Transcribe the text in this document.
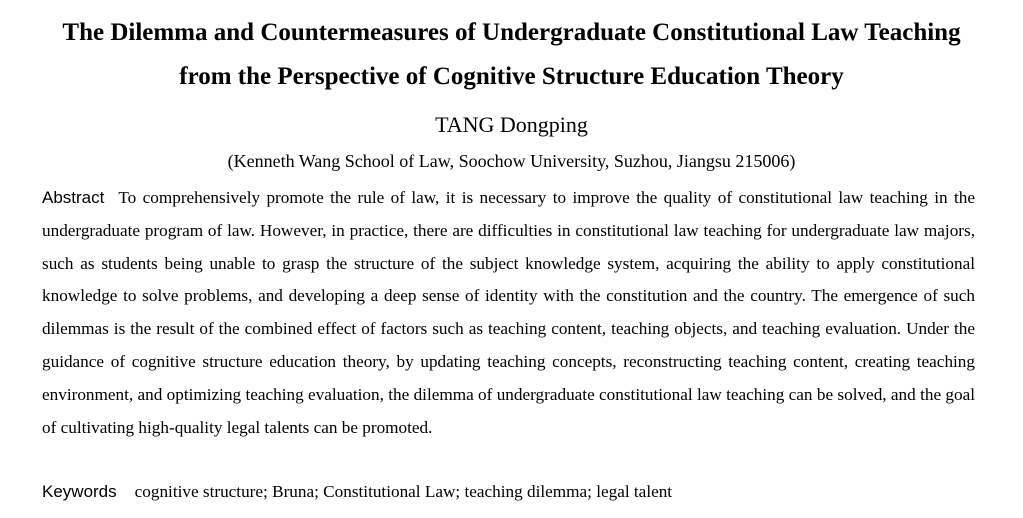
The Dilemma and Countermeasures of Undergraduate Constitutional Law Teaching
from the Perspective of Cognitive Structure Education Theory
TANG Dongping
(Kenneth Wang School of Law, Soochow University, Suzhou, Jiangsu 215006)
Abstract To comprehensively promote the rule of law, it is necessary to improve the quality of constitutional law teaching in the undergraduate program of law. However, in practice, there are difficulties in constitutional law teaching for undergraduate law majors, such as students being unable to grasp the structure of the subject knowledge system, acquiring the ability to apply constitutional knowledge to solve problems, and developing a deep sense of identity with the constitution and the country. The emergence of such dilemmas is the result of the combined effect of factors such as teaching content, teaching objects, and teaching evaluation. Under the guidance of cognitive structure education theory, by updating teaching concepts, reconstructing teaching content, creating teaching environment, and optimizing teaching evaluation, the dilemma of undergraduate constitutional law teaching can be solved, and the goal of cultivating high-quality legal talents can be promoted.
Keywords cognitive structure; Bruna; Constitutional Law; teaching dilemma; legal talent
